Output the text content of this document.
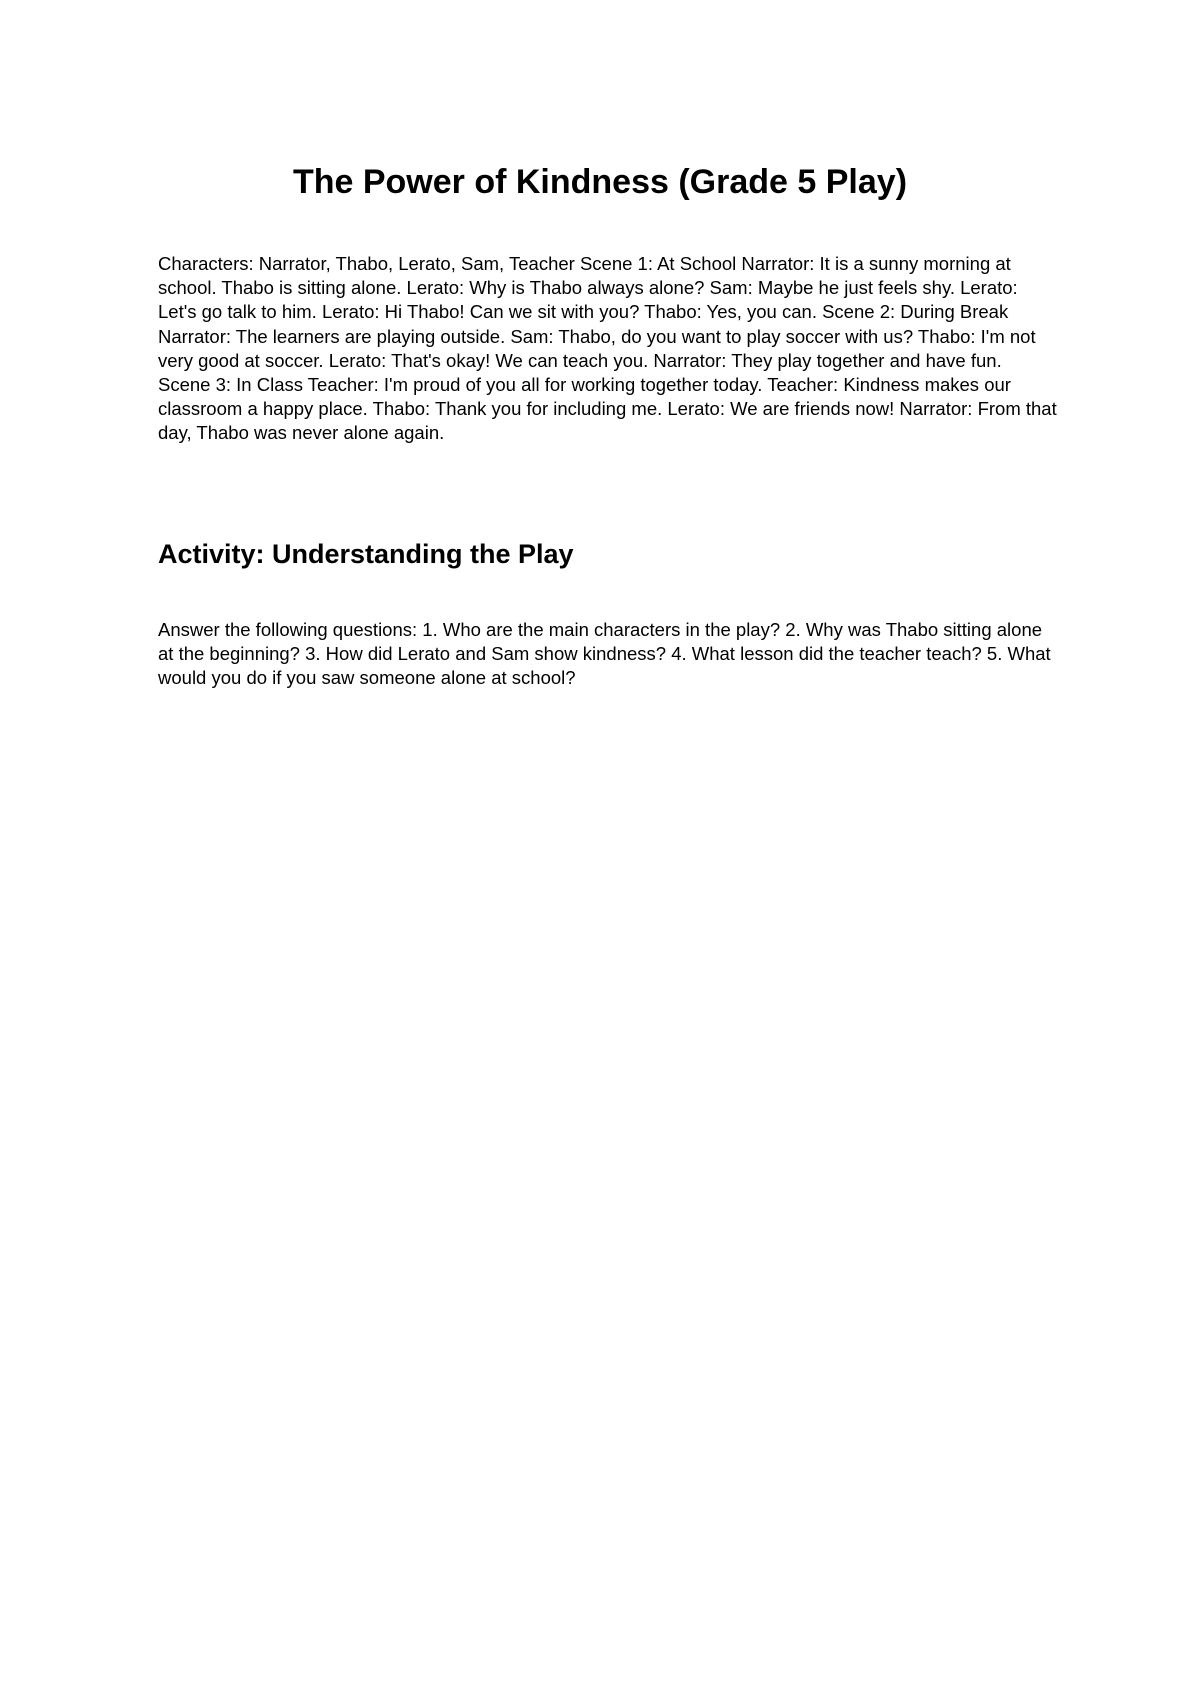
The Power of Kindness (Grade 5 Play)

Characters: Narrator, Thabo, Lerato, Sam, Teacher Scene 1: At School Narrator: It is a sunny morning at school. Thabo is sitting alone. Lerato: Why is Thabo always alone? Sam: Maybe he just feels shy. Lerato: Let's go talk to him. Lerato: Hi Thabo! Can we sit with you? Thabo: Yes, you can. Scene 2: During Break Narrator: The learners are playing outside. Sam: Thabo, do you want to play soccer with us? Thabo: I'm not very good at soccer. Lerato: That's okay! We can teach you. Narrator: They play together and have fun. Scene 3: In Class Teacher: I'm proud of you all for working together today. Teacher: Kindness makes our classroom a happy place. Thabo: Thank you for including me. Lerato: We are friends now! Narrator: From that day, Thabo was never alone again.

Activity: Understanding the Play

Answer the following questions: 1. Who are the main characters in the play? 2. Why was Thabo sitting alone at the beginning? 3. How did Lerato and Sam show kindness? 4. What lesson did the teacher teach? 5. What would you do if you saw someone alone at school?
